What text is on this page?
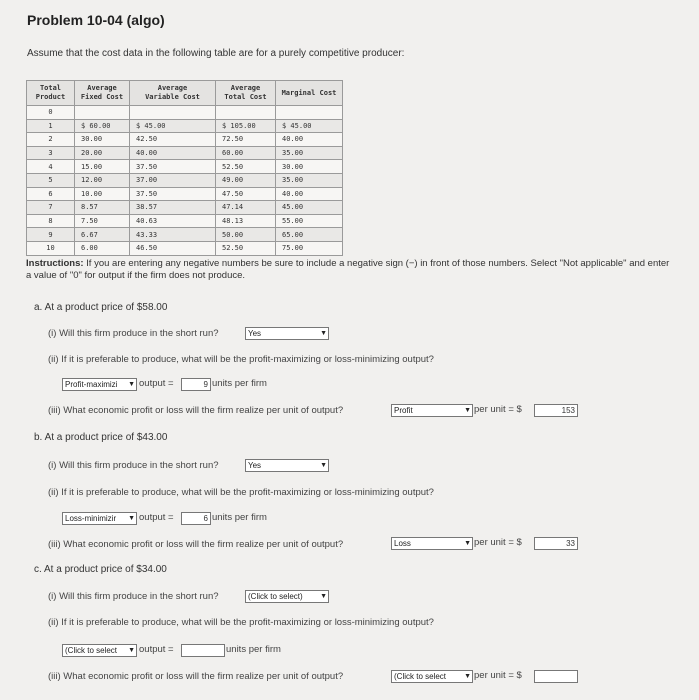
Problem 10-04 (algo)
Assume that the cost data in the following table are for a purely competitive producer:
Total
Product	Average
Fixed Cost	Average
Variable Cost	Average
Total Cost	Marginal Cost
0				
1	$ 60.00	$ 45.00	$ 105.00	$ 45.00
2	30.00	42.50	72.50	40.00
3	20.00	40.00	60.00	35.00
4	15.00	37.50	52.50	30.00
5	12.00	37.00	49.00	35.00
6	10.00	37.50	47.50	40.00
7	8.57	38.57	47.14	45.00
8	7.50	40.63	48.13	55.00
9	6.67	43.33	50.00	65.00
10	6.00	46.50	52.50	75.00
Instructions: If you are entering any negative numbers be sure to include a negative sign (−) in front of those numbers. Select "Not applicable" and enter a value of "0" for output if the firm does not produce.
a. At a product price of $58.00
(i) Will this firm produce in the short run?	Yes	▼
(ii) If it is preferable to produce, what will be the profit-maximizing or loss-minimizing output?
Profit-maximizi ▼ output =	9 units per firm
(iii) What economic profit or loss will the firm realize per unit of output?	Profit	▼ per unit = $	153
b. At a product price of $43.00
(i) Will this firm produce in the short run?	Yes	▼
(ii) If it is preferable to produce, what will be the profit-maximizing or loss-minimizing output?
Loss-minimizir ▼ output =	6 units per firm
(iii) What economic profit or loss will the firm realize per unit of output?	Loss	▼ per unit = $	33
c. At a product price of $34.00
(i) Will this firm produce in the short run?	(Click to select) ▼
(ii) If it is preferable to produce, what will be the profit-maximizing or loss-minimizing output?
(Click to select ▼ output =	units per firm
(iii) What economic profit or loss will the firm realize per unit of output?	(Click to select	▼ per unit = $
